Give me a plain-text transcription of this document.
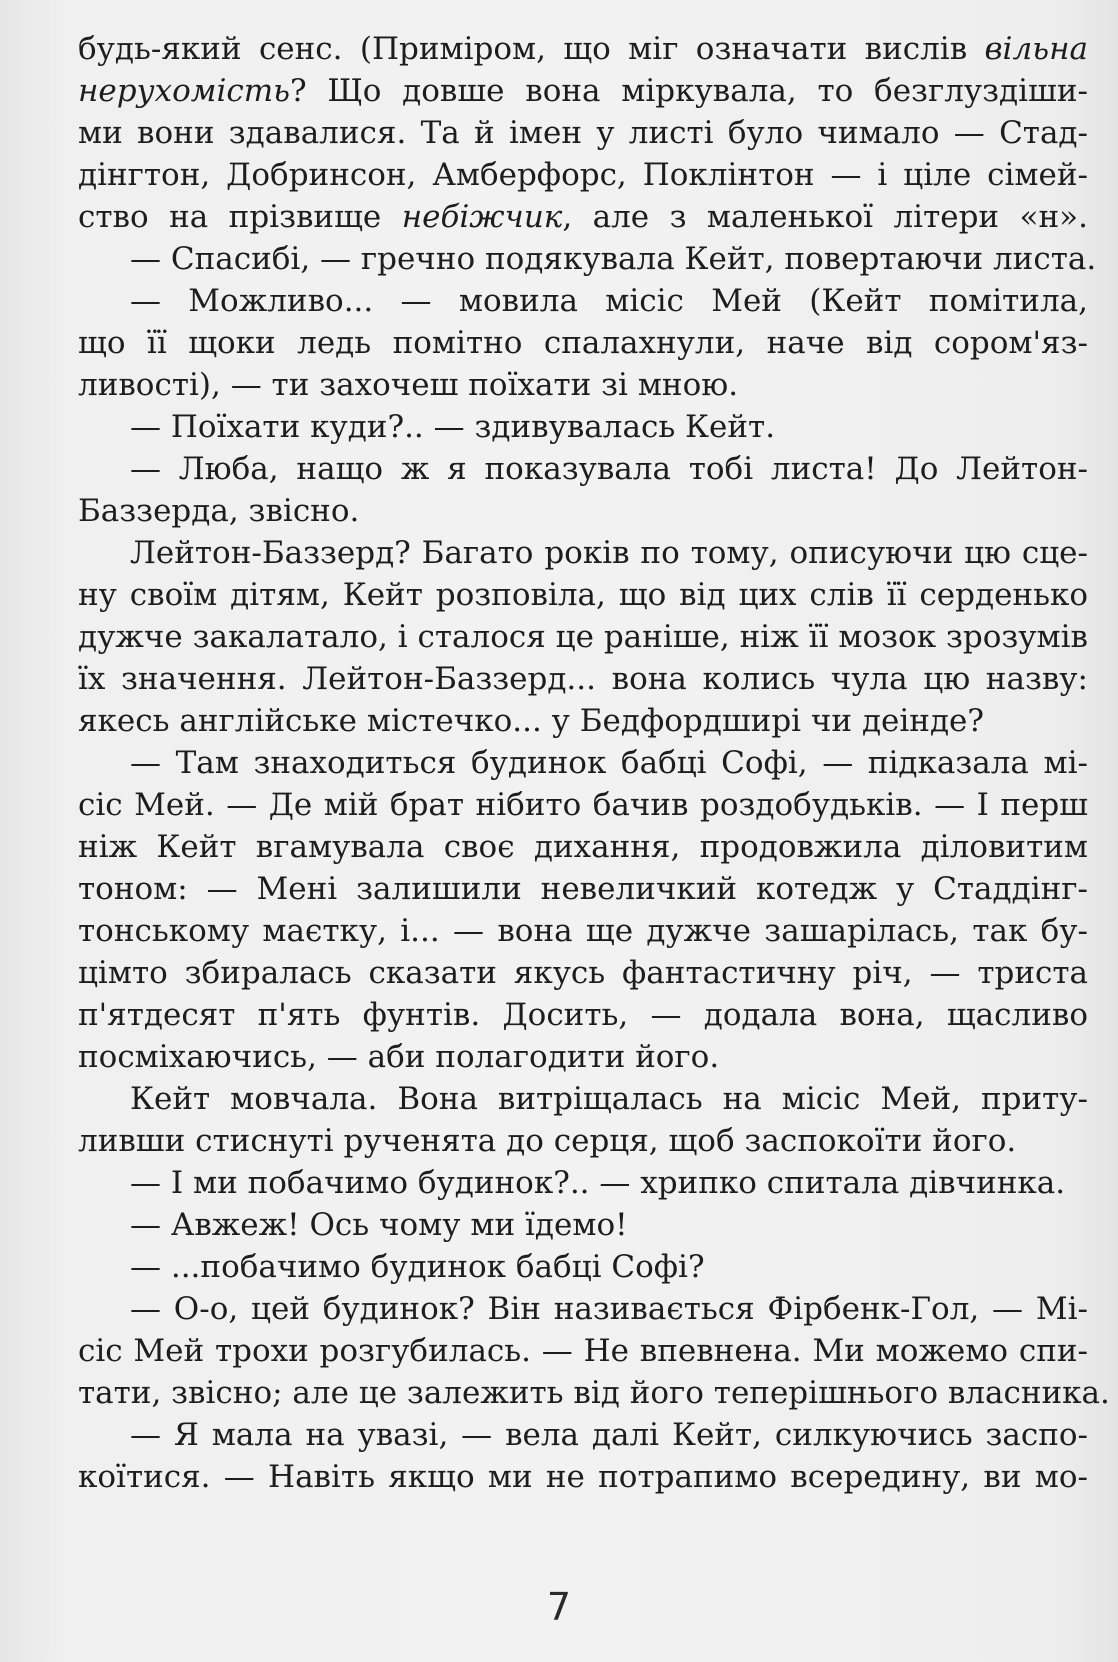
будь-який сенс. (Приміром, що міг означати вислів вільна
нерухомість? Що довше вона міркувала, то безглуздіши-
ми вони здавалися. Та й імен у листі було чимало — Стад-
дінгтон, Добринсон, Амберфорс, Поклінтон — і ціле сімей-
ство на прізвище небіжчик, але з маленької літери «н».
— Спасибі, — гречно подякувала Кейт, повертаючи листа.
— Можливо... — мовила місіс Мей (Кейт помітила,
що її щоки ледь помітно спалахнули, наче від сором'яз-
ливості), — ти захочеш поїхати зі мною.
— Поїхати куди?.. — здивувалась Кейт.
— Люба, нащо ж я показувала тобі листа! До Лейтон-
Баззерда, звісно.
Лейтон-Баззерд? Багато років по тому, описуючи цю сце-
ну своїм дітям, Кейт розповіла, що від цих слів її серденько
дужче закалатало, і сталося це раніше, ніж її мозок зрозумів
їх значення. Лейтон-Баззерд... вона колись чула цю назву:
якесь англійське містечко... у Бедфордширі чи деінде?
— Там знаходиться будинок бабці Софі, — підказала мі-
сіс Мей. — Де мій брат нібито бачив роздобудьків. — І перш
ніж Кейт вгамувала своє дихання, продовжила діловитим
тоном: — Мені залишили невеличкий котедж у Стаддінг-
тонському маєтку, і... — вона ще дужче зашарілась, так бу-
цімто збиралась сказати якусь фантастичну річ, — триста
п'ятдесят п'ять фунтів. Досить, — додала вона, щасливо
посміхаючись, — аби полагодити його.
Кейт мовчала. Вона витріщалась на місіс Мей, приту-
ливши стиснуті рученята до серця, щоб заспокоїти його.
— І ми побачимо будинок?.. — хрипко спитала дівчинка.
— Авжеж! Ось чому ми їдемо!
— ...побачимо будинок бабці Софі?
— О-о, цей будинок? Він називається Фірбенк-Гол, — Мі-
сіс Мей трохи розгубилась. — Не впевнена. Ми можемо спи-
тати, звісно; але це залежить від його теперішнього власника.
— Я мала на увазі, — вела далі Кейт, силкуючись заспо-
коїтися. — Навіть якщо ми не потрапимо всередину, ви мо-
7
